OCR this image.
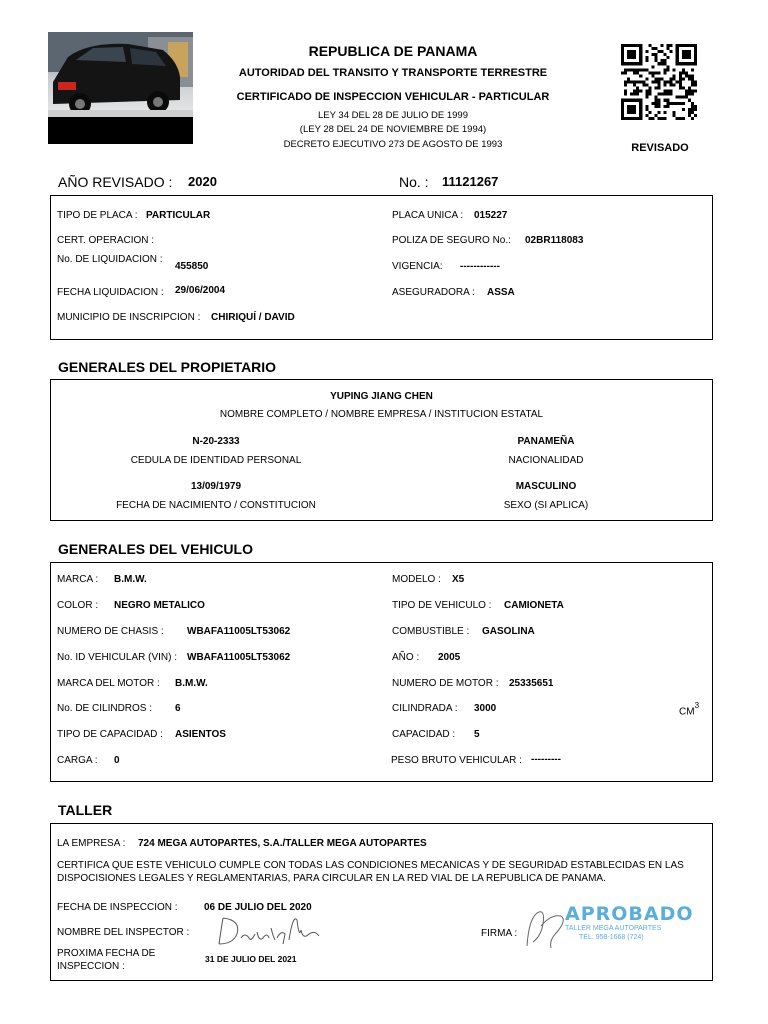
REPUBLICA DE PANAMA
AUTORIDAD DEL TRANSITO Y TRANSPORTE TERRESTRE
CERTIFICADO DE INSPECCION VEHICULAR - PARTICULAR
LEY 34 DEL 28 DE JULIO DE 1999
(LEY 28 DEL 24 DE NOVIEMBRE DE 1994)
DECRETO EJECUTIVO 273 DE AGOSTO DE 1993	REVISADO
AÑO REVISADO : 2020	No. : 11121267
TIPO DE PLACA : PARTICULAR	PLACA UNICA : 015227
CERT. OPERACION :	POLIZA DE SEGURO No.: 02BR118083
No. DE LIQUIDACION :
455850	VIGENCIA: ------------
FECHA LIQUIDACION : 29/06/2004	ASEGURADORA : ASSA
MUNICIPIO DE INSCRIPCION : CHIRIQUÍ / DAVID
GENERALES DEL PROPIETARIO
YUPING JIANG CHEN
NOMBRE COMPLETO / NOMBRE EMPRESA / INSTITUCION ESTATAL
N-20-2333
CEDULA DE IDENTIDAD PERSONAL
PANAMEÑA
NACIONALIDAD
13/09/1979
FECHA DE NACIMIENTO / CONSTITUCION
MASCULINO
SEXO (SI APLICA)
GENERALES DEL VEHICULO
MARCA : B.M.W.	MODELO : X5
COLOR : NEGRO METALICO	TIPO DE VEHICULO : CAMIONETA
NUMERO DE CHASIS : WBAFA11005LT53062	COMBUSTIBLE : GASOLINA
No. ID VEHICULAR (VIN) : WBAFA11005LT53062	AÑO : 2005
MARCA DEL MOTOR : B.M.W.	NUMERO DE MOTOR : 25335651
No. DE CILINDROS : 6	CILINDRADA : 3000	$CM^3$
TIPO DE CAPACIDAD : ASIENTOS	CAPACIDAD : 5
CARGA : 0	PESO BRUTO VEHICULAR : ---------
TALLER
LA EMPRESA : 724 MEGA AUTOPARTES, S.A./TALLER MEGA AUTOPARTES
CERTIFICA QUE ESTE VEHICULO CUMPLE CON TODAS LAS CONDICIONES MECANICAS Y DE SEGURIDAD ESTABLECIDAS EN LAS
DISPOCISIONES LEGALES Y REGLAMENTARIAS, PARA CIRCULAR EN LA RED VIAL DE LA REPUBLICA DE PANAMA.
FECHA DE INSPECCION :	06 DE JULIO DEL 2020
NOMBRE DEL INSPECTOR :
PROXIMA FECHA DE
INSPECCION :
31 DE JULIO DEL 2021
FIRMA :
APROBADO
TALLER MEGA AUTOPARTES
TEL. 958-1668 (724)
